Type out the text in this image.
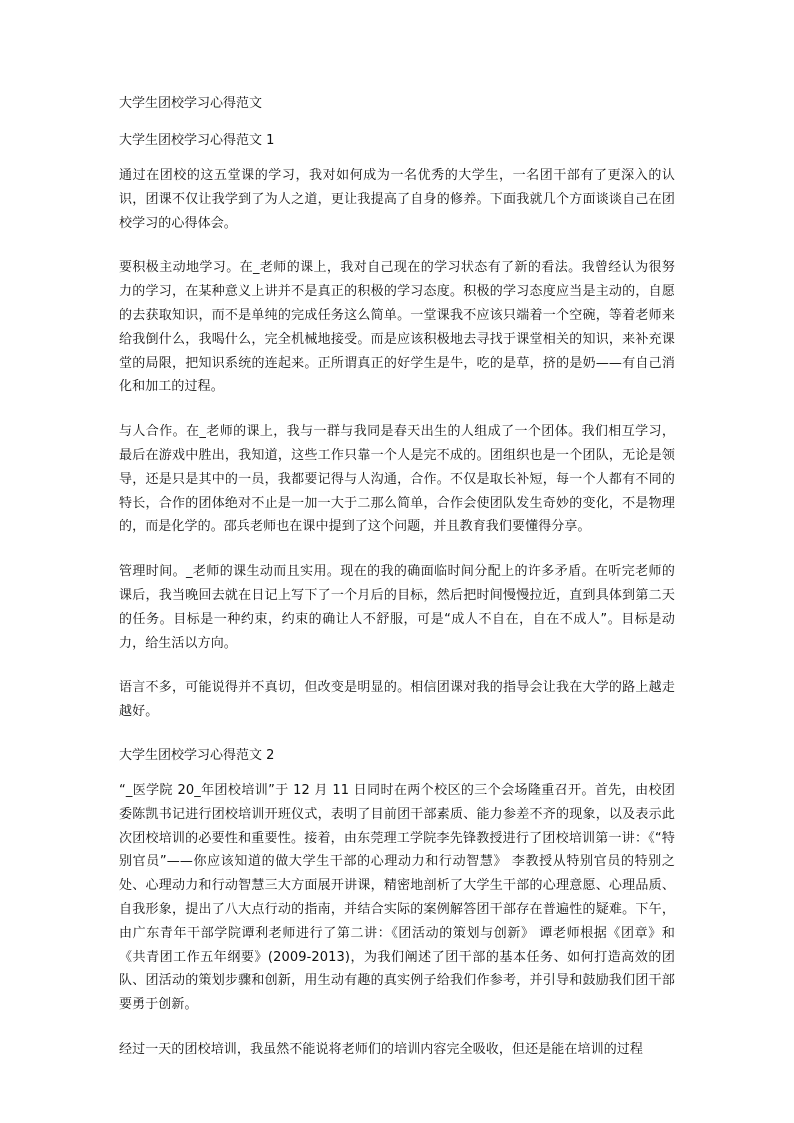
大学生团校学习心得范文

大学生团校学习心得范文 1

通过在团校的这五堂课的学习，我对如何成为一名优秀的大学生，一名团干部有了更深入的认识，团课不仅让我学到了为人之道，更让我提高了自身的修养。下面我就几个方面谈谈自己在团校学习的心得体会。

要积极主动地学习。在_老师的课上，我对自己现在的学习状态有了新的看法。我曾经认为很努力的学习，在某种意义上讲并不是真正的积极的学习态度。积极的学习态度应当是主动的，自愿的去获取知识，而不是单纯的完成任务这么简单。一堂课我不应该只端着一个空碗，等着老师来给我倒什么，我喝什么，完全机械地接受。而是应该积极地去寻找于课堂相关的知识，来补充课堂的局限，把知识系统的连起来。正所谓真正的好学生是牛，吃的是草，挤的是奶——有自己消化和加工的过程。

与人合作。在_老师的课上，我与一群与我同是春天出生的人组成了一个团体。我们相互学习，最后在游戏中胜出，我知道，这些工作只靠一个人是完不成的。团组织也是一个团队，无论是领导，还是只是其中的一员，我都要记得与人沟通，合作。不仅是取长补短，每一个人都有不同的特长，合作的团体绝对不止是一加一大于二那么简单，合作会使团队发生奇妙的变化，不是物理的，而是化学的。邵兵老师也在课中提到了这个问题，并且教育我们要懂得分享。

管理时间。_老师的课生动而且实用。现在的我的确面临时间分配上的许多矛盾。在听完老师的课后，我当晚回去就在日记上写下了一个月后的目标，然后把时间慢慢拉近，直到具体到第二天的任务。目标是一种约束，约束的确让人不舒服，可是“成人不自在，自在不成人”。目标是动力，给生活以方向。

语言不多，可能说得并不真切，但改变是明显的。相信团课对我的指导会让我在大学的路上越走越好。

大学生团校学习心得范文 2

“_医学院 20_年团校培训”于 12 月 11 日同时在两个校区的三个会场隆重召开。首先，由校团委陈凯书记进行团校培训开班仪式，表明了目前团干部素质、能力参差不齐的现象，以及表示此次团校培训的必要性和重要性。接着，由东莞理工学院李先锋教授进行了团校培训第一讲：《“特别官员”——你应该知道的做大学生干部的心理动力和行动智慧》 李教授从特别官员的特别之处、心理动力和行动智慧三大方面展开讲课，精密地剖析了大学生干部的心理意愿、心理品质、自我形象，提出了八大点行动的指南，并结合实际的案例解答团干部存在普遍性的疑难。下午，由广东青年干部学院谭利老师进行了第二讲：《团活动的策划与创新》 谭老师根据《团章》和《共青团工作五年纲要》(2009-2013)，为我们阐述了团干部的基本任务、如何打造高效的团队、团活动的策划步骤和创新，用生动有趣的真实例子给我们作参考，并引导和鼓励我们团干部要勇于创新。

经过一天的团校培训，我虽然不能说将老师们的培训内容完全吸收，但还是能在培训的过程
